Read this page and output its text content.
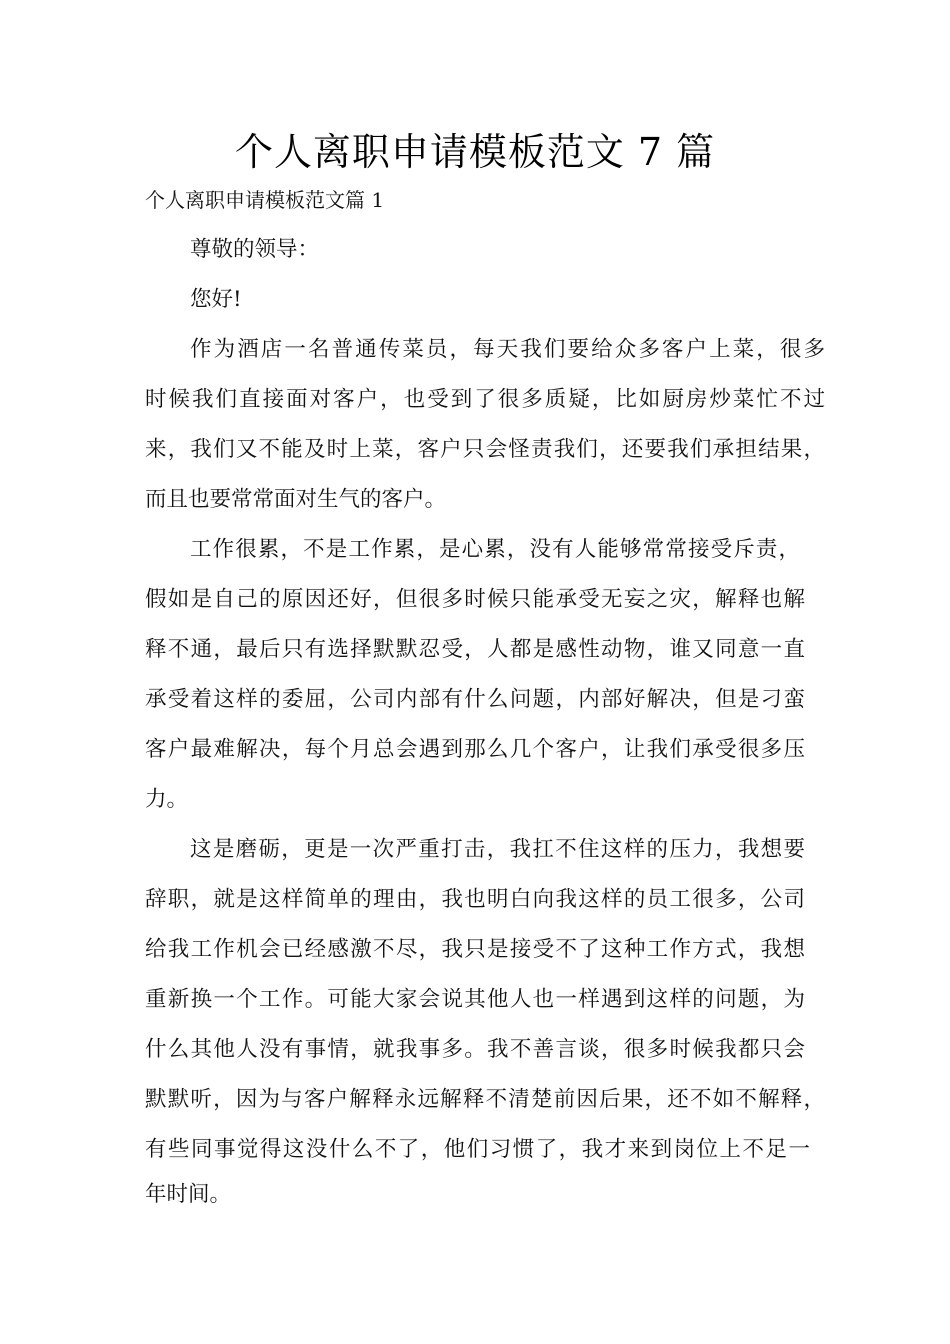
个人离职申请模板范文 7 篇
个人离职申请模板范文篇 1
尊敬的领导：
您好!
作为酒店一名普通传菜员，每天我们要给众多客户上菜，很多
时候我们直接面对客户，也受到了很多质疑，比如厨房炒菜忙不过
来，我们又不能及时上菜，客户只会怪责我们，还要我们承担结果，
而且也要常常面对生气的客户。
工作很累，不是工作累，是心累，没有人能够常常接受斥责，
假如是自己的原因还好，但很多时候只能承受无妄之灾，解释也解
释不通，最后只有选择默默忍受，人都是感性动物，谁又同意一直
承受着这样的委屈，公司内部有什么问题，内部好解决，但是刁蛮
客户最难解决，每个月总会遇到那么几个客户，让我们承受很多压
力。
这是磨砺，更是一次严重打击，我扛不住这样的压力，我想要
辞职，就是这样简单的理由，我也明白向我这样的员工很多，公司
给我工作机会已经感激不尽，我只是接受不了这种工作方式，我想
重新换一个工作。可能大家会说其他人也一样遇到这样的问题，为
什么其他人没有事情，就我事多。我不善言谈，很多时候我都只会
默默听，因为与客户解释永远解释不清楚前因后果，还不如不解释，
有些同事觉得这没什么不了，他们习惯了，我才来到岗位上不足一
年时间。
